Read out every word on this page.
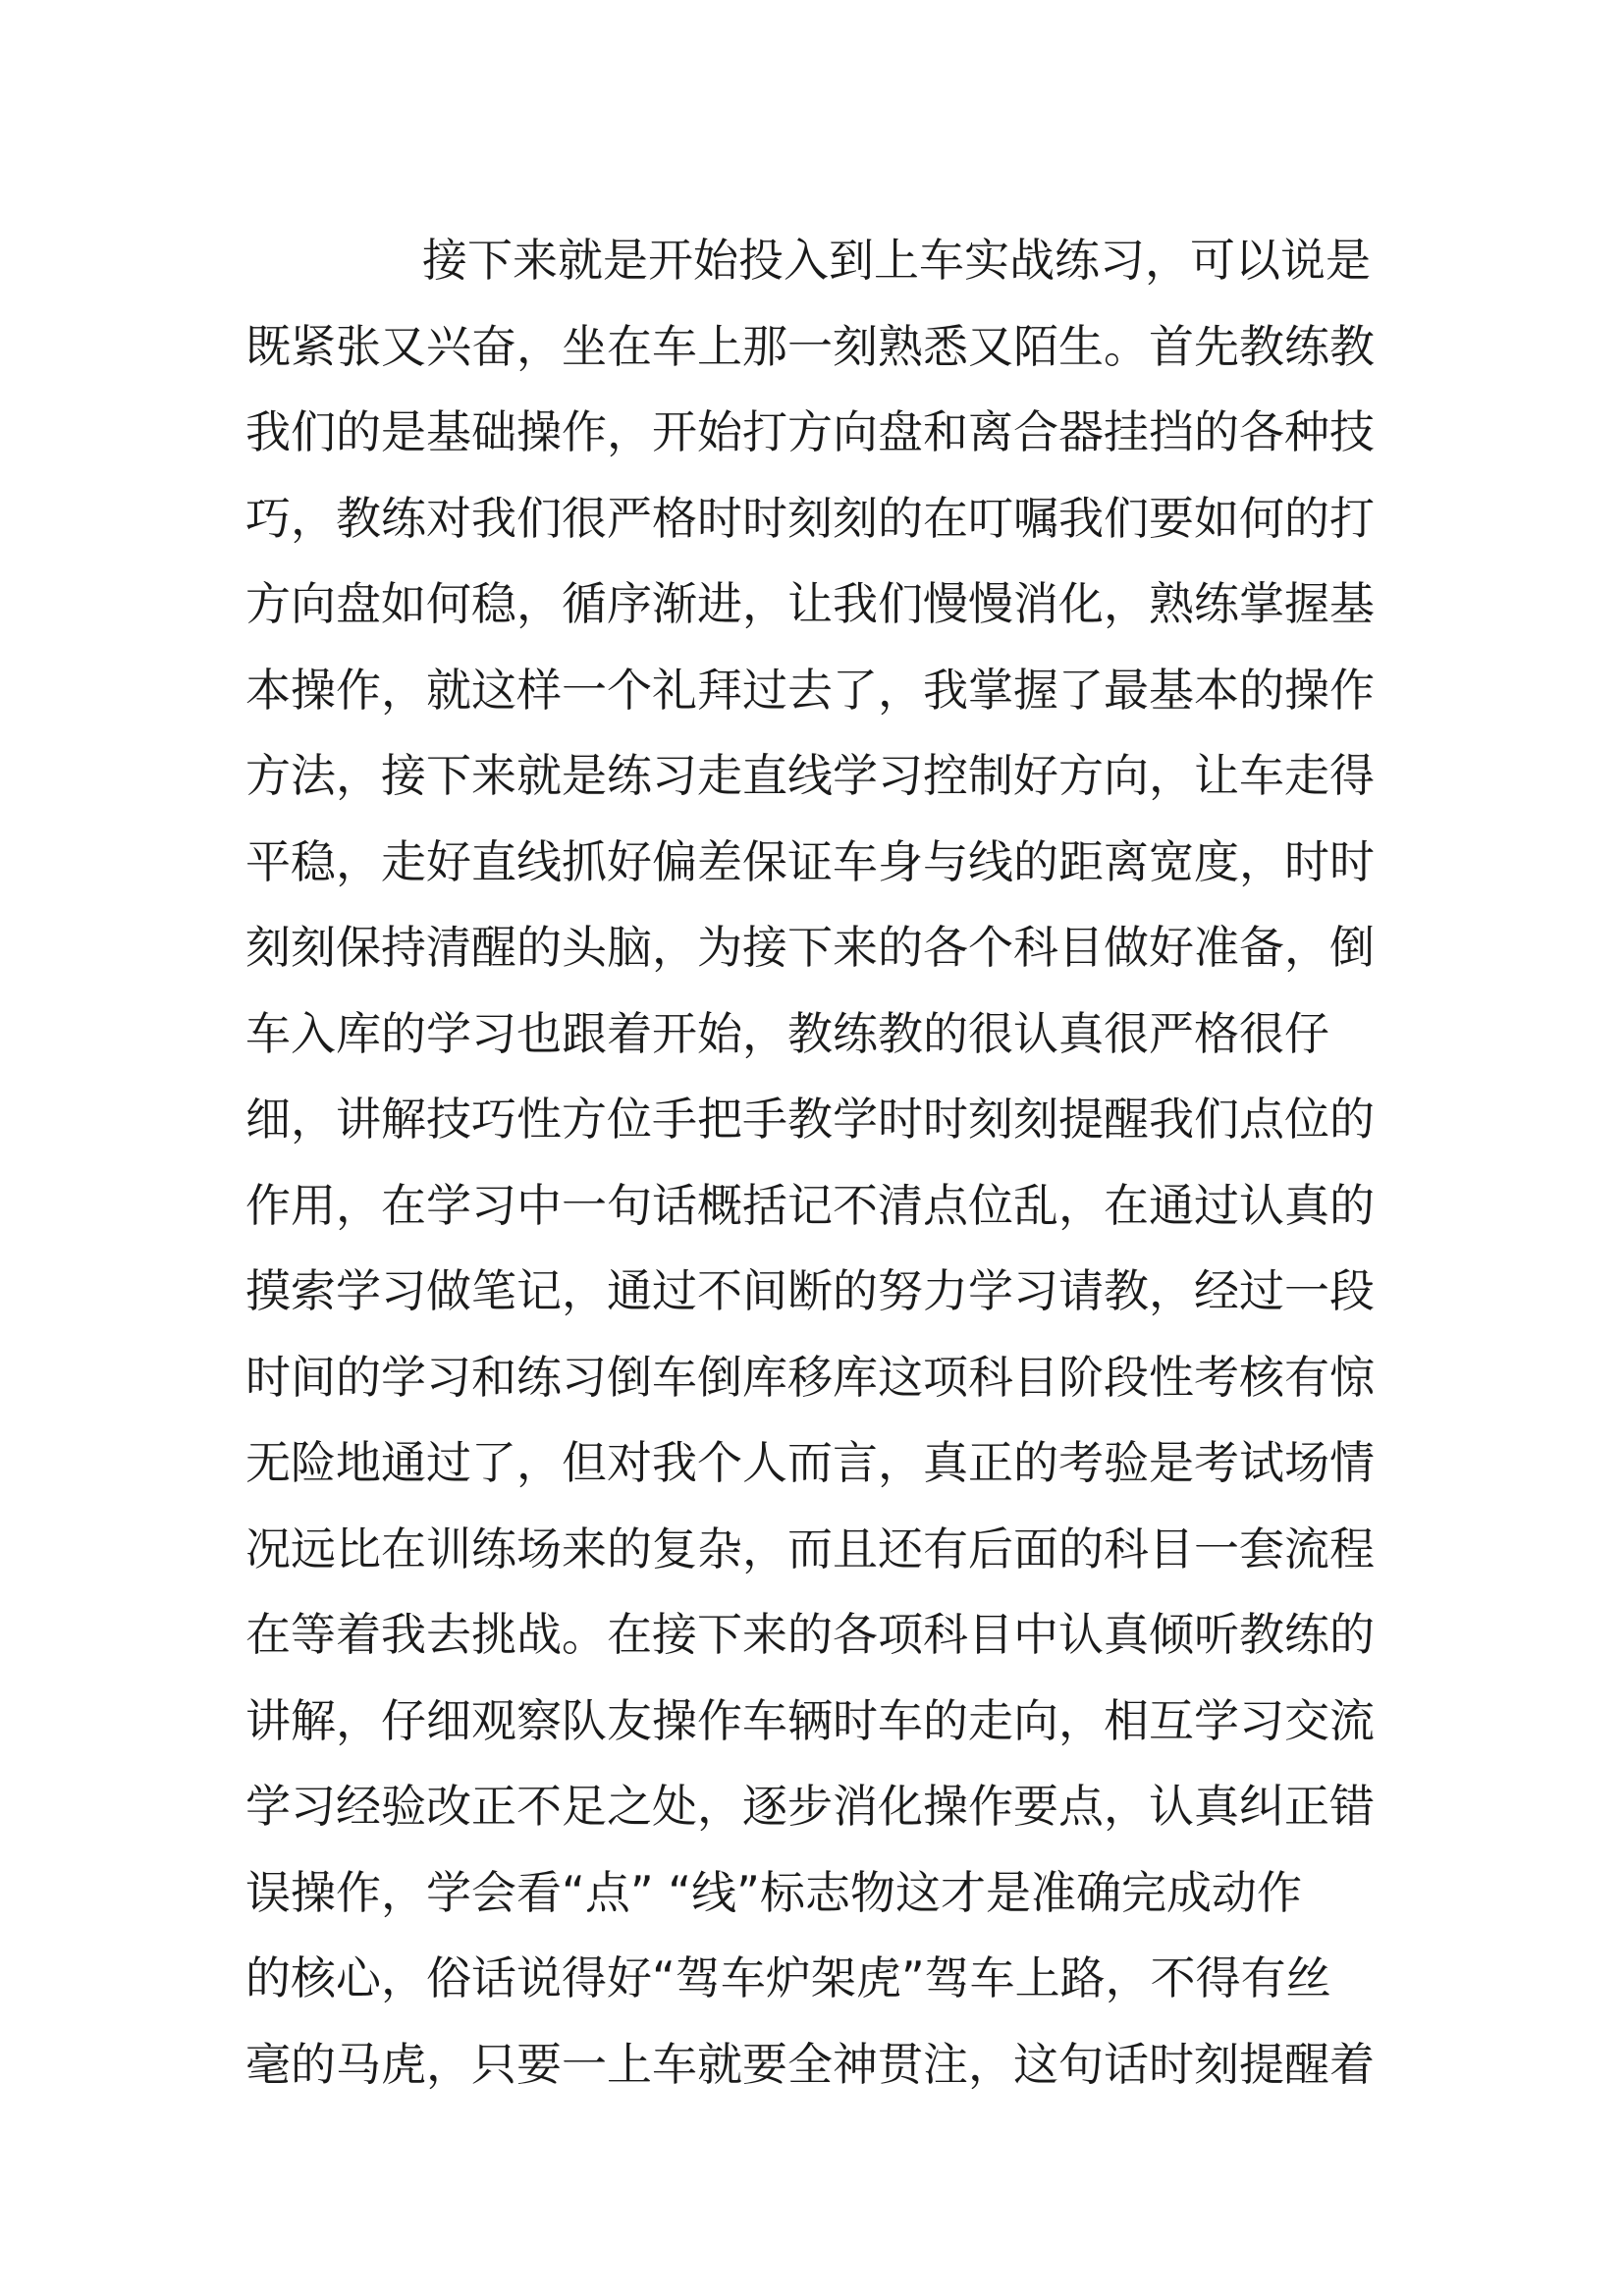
接下来就是开始投入到上车实战练习，可以说是
既紧张又兴奋，坐在车上那一刻熟悉又陌生。首先教练教
我们的是基础操作，开始打方向盘和离合器挂挡的各种技
巧，教练对我们很严格时时刻刻的在叮嘱我们要如何的打
方向盘如何稳，循序渐进，让我们慢慢消化，熟练掌握基
本操作，就这样一个礼拜过去了，我掌握了最基本的操作
方法，接下来就是练习走直线学习控制好方向，让车走得
平稳，走好直线抓好偏差保证车身与线的距离宽度，时时
刻刻保持清醒的头脑，为接下来的各个科目做好准备，倒
车入库的学习也跟着开始，教练教的很认真很严格很仔
细，讲解技巧性方位手把手教学时时刻刻提醒我们点位的
作用，在学习中一句话概括记不清点位乱，在通过认真的
摸索学习做笔记，通过不间断的努力学习请教，经过一段
时间的学习和练习倒车倒库移库这项科目阶段性考核有惊
无险地通过了，但对我个人而言，真正的考验是考试场情
况远比在训练场来的复杂，而且还有后面的科目一套流程
在等着我去挑战。在接下来的各项科目中认真倾听教练的
讲解，仔细观察队友操作车辆时车的走向，相互学习交流
学习经验改正不足之处，逐步消化操作要点，认真纠正错
误操作，学会看“点” “线”标志物这才是准确完成动作
的核心，俗话说得好“驾车炉架虎”驾车上路，不得有丝
毫的马虎，只要一上车就要全神贯注，这句话时刻提醒着
